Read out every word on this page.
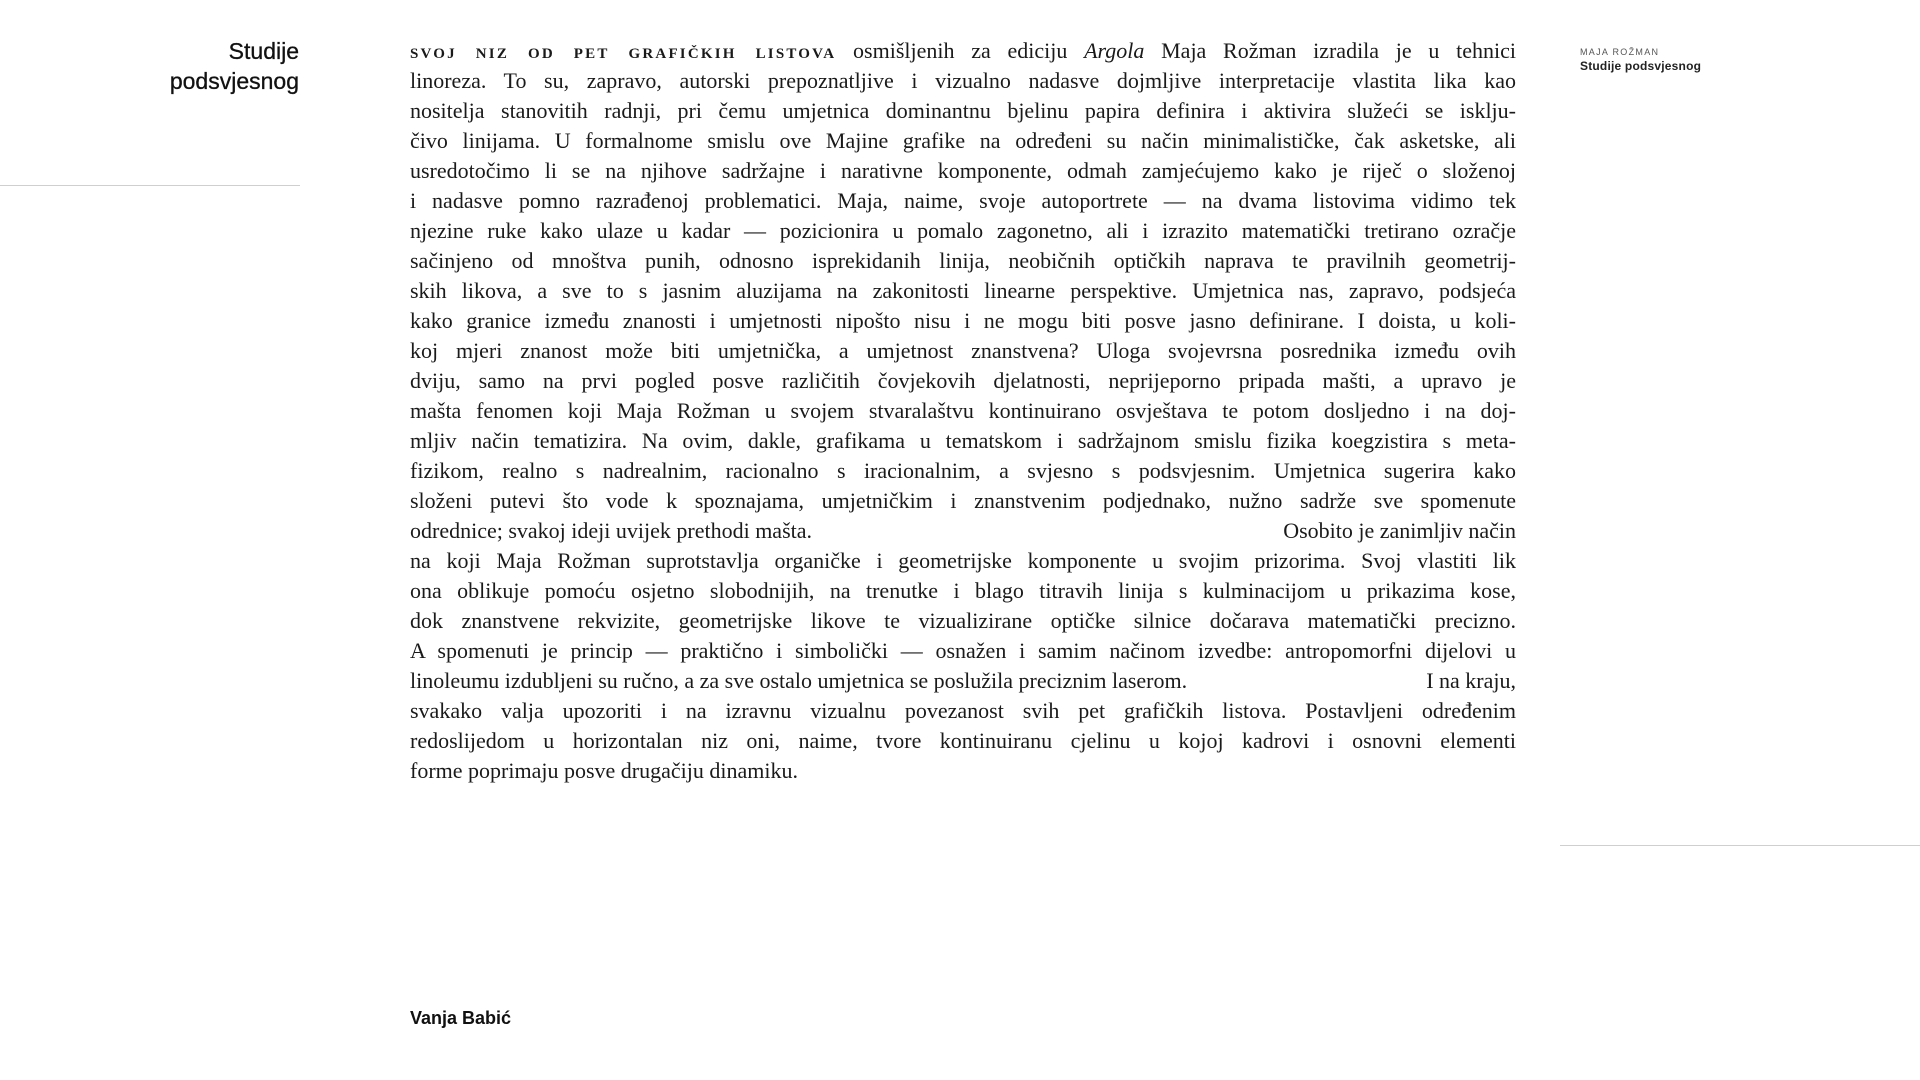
Studije
podsvjesnog
MAJA ROŽMAN
Studije podsvjesnog
svoj niz od pet grafičkih listova osmišljenih za ediciju Argola Maja Rožman izradila je u tehnici
linoreza. To su, zapravo, autorski prepoznatljive i vizualno nadasve dojmljive interpretacije vlastita lika kao
nositelja stanovitih radnji, pri čemu umjetnica dominantnu bjelinu papira definira i aktivira služeći se isklju-
čivo linijama. U formalnome smislu ove Majine grafike na određeni su način minimalističke, čak asketske, ali
usredotočimo li se na njihove sadržajne i narativne komponente, odmah zamjećujemo kako je riječ o složenoj
i nadasve pomno razrađenoj problematici. Maja, naime, svoje autoportrete — na dvama listovima vidimo tek
njezine ruke kako ulaze u kadar — pozicionira u pomalo zagonetno, ali i izrazito matematički tretirano ozračje
sačinjeno od mnoštva punih, odnosno isprekidanih linija, neobičnih optičkih naprava te pravilnih geometrij-
skih likova, a sve to s jasnim aluzijama na zakonitosti linearne perspektive. Umjetnica nas, zapravo, podsjeća
kako granice između znanosti i umjetnosti nipošto nisu i ne mogu biti posve jasno definirane. I doista, u koli-
koj mjeri znanost može biti umjetnička, a umjetnost znanstvena? Uloga svojevrsna posrednika između ovih
dviju, samo na prvi pogled posve različitih čovjekovih djelatnosti, neprijeporno pripada mašti, a upravo je
mašta fenomen koji Maja Rožman u svojem stvaralaštvu kontinuirano osvještava te potom dosljedno i na doj-
mljiv način tematizira. Na ovim, dakle, grafikama u tematskom i sadržajnom smislu fizika koegzistira s meta-
fizikom, realno s nadrealnim, racionalno s iracionalnim, a svjesno s podsvjesnim. Umjetnica sugerira kako
složeni putevi što vode k spoznajama, umjetničkim i znanstvenim podjednako, nužno sadrže sve spomenute
odrednice; svakoj ideji uvijek prethodi mašta.	Osobito je zanimljiv način
na koji Maja Rožman suprotstavlja organičke i geometrijske komponente u svojim prizorima. Svoj vlastiti lik
ona oblikuje pomoću osjetno slobodnijih, na trenutke i blago titravih linija s kulminacijom u prikazima kose,
dok znanstvene rekvizite, geometrijske likove te vizualizirane optičke silnice dočarava matematički precizno.
A spomenuti je princip — praktično i simbolički — osnažen i samim načinom izvedbe: antropomorfni dijelovi u
linoleumu izdubljeni su ručno, a za sve ostalo umjetnica se poslužila preciznim laserom.	I na kraju,
svakako valja upozoriti i na izravnu vizualnu povezanost svih pet grafičkih listova. Postavljeni određenim
redoslijedom u horizontalan niz oni, naime, tvore kontinuiranu cjelinu u kojoj kadrovi i osnovni elementi
forme poprimaju posve drugačiju dinamiku.
Vanja Babić
